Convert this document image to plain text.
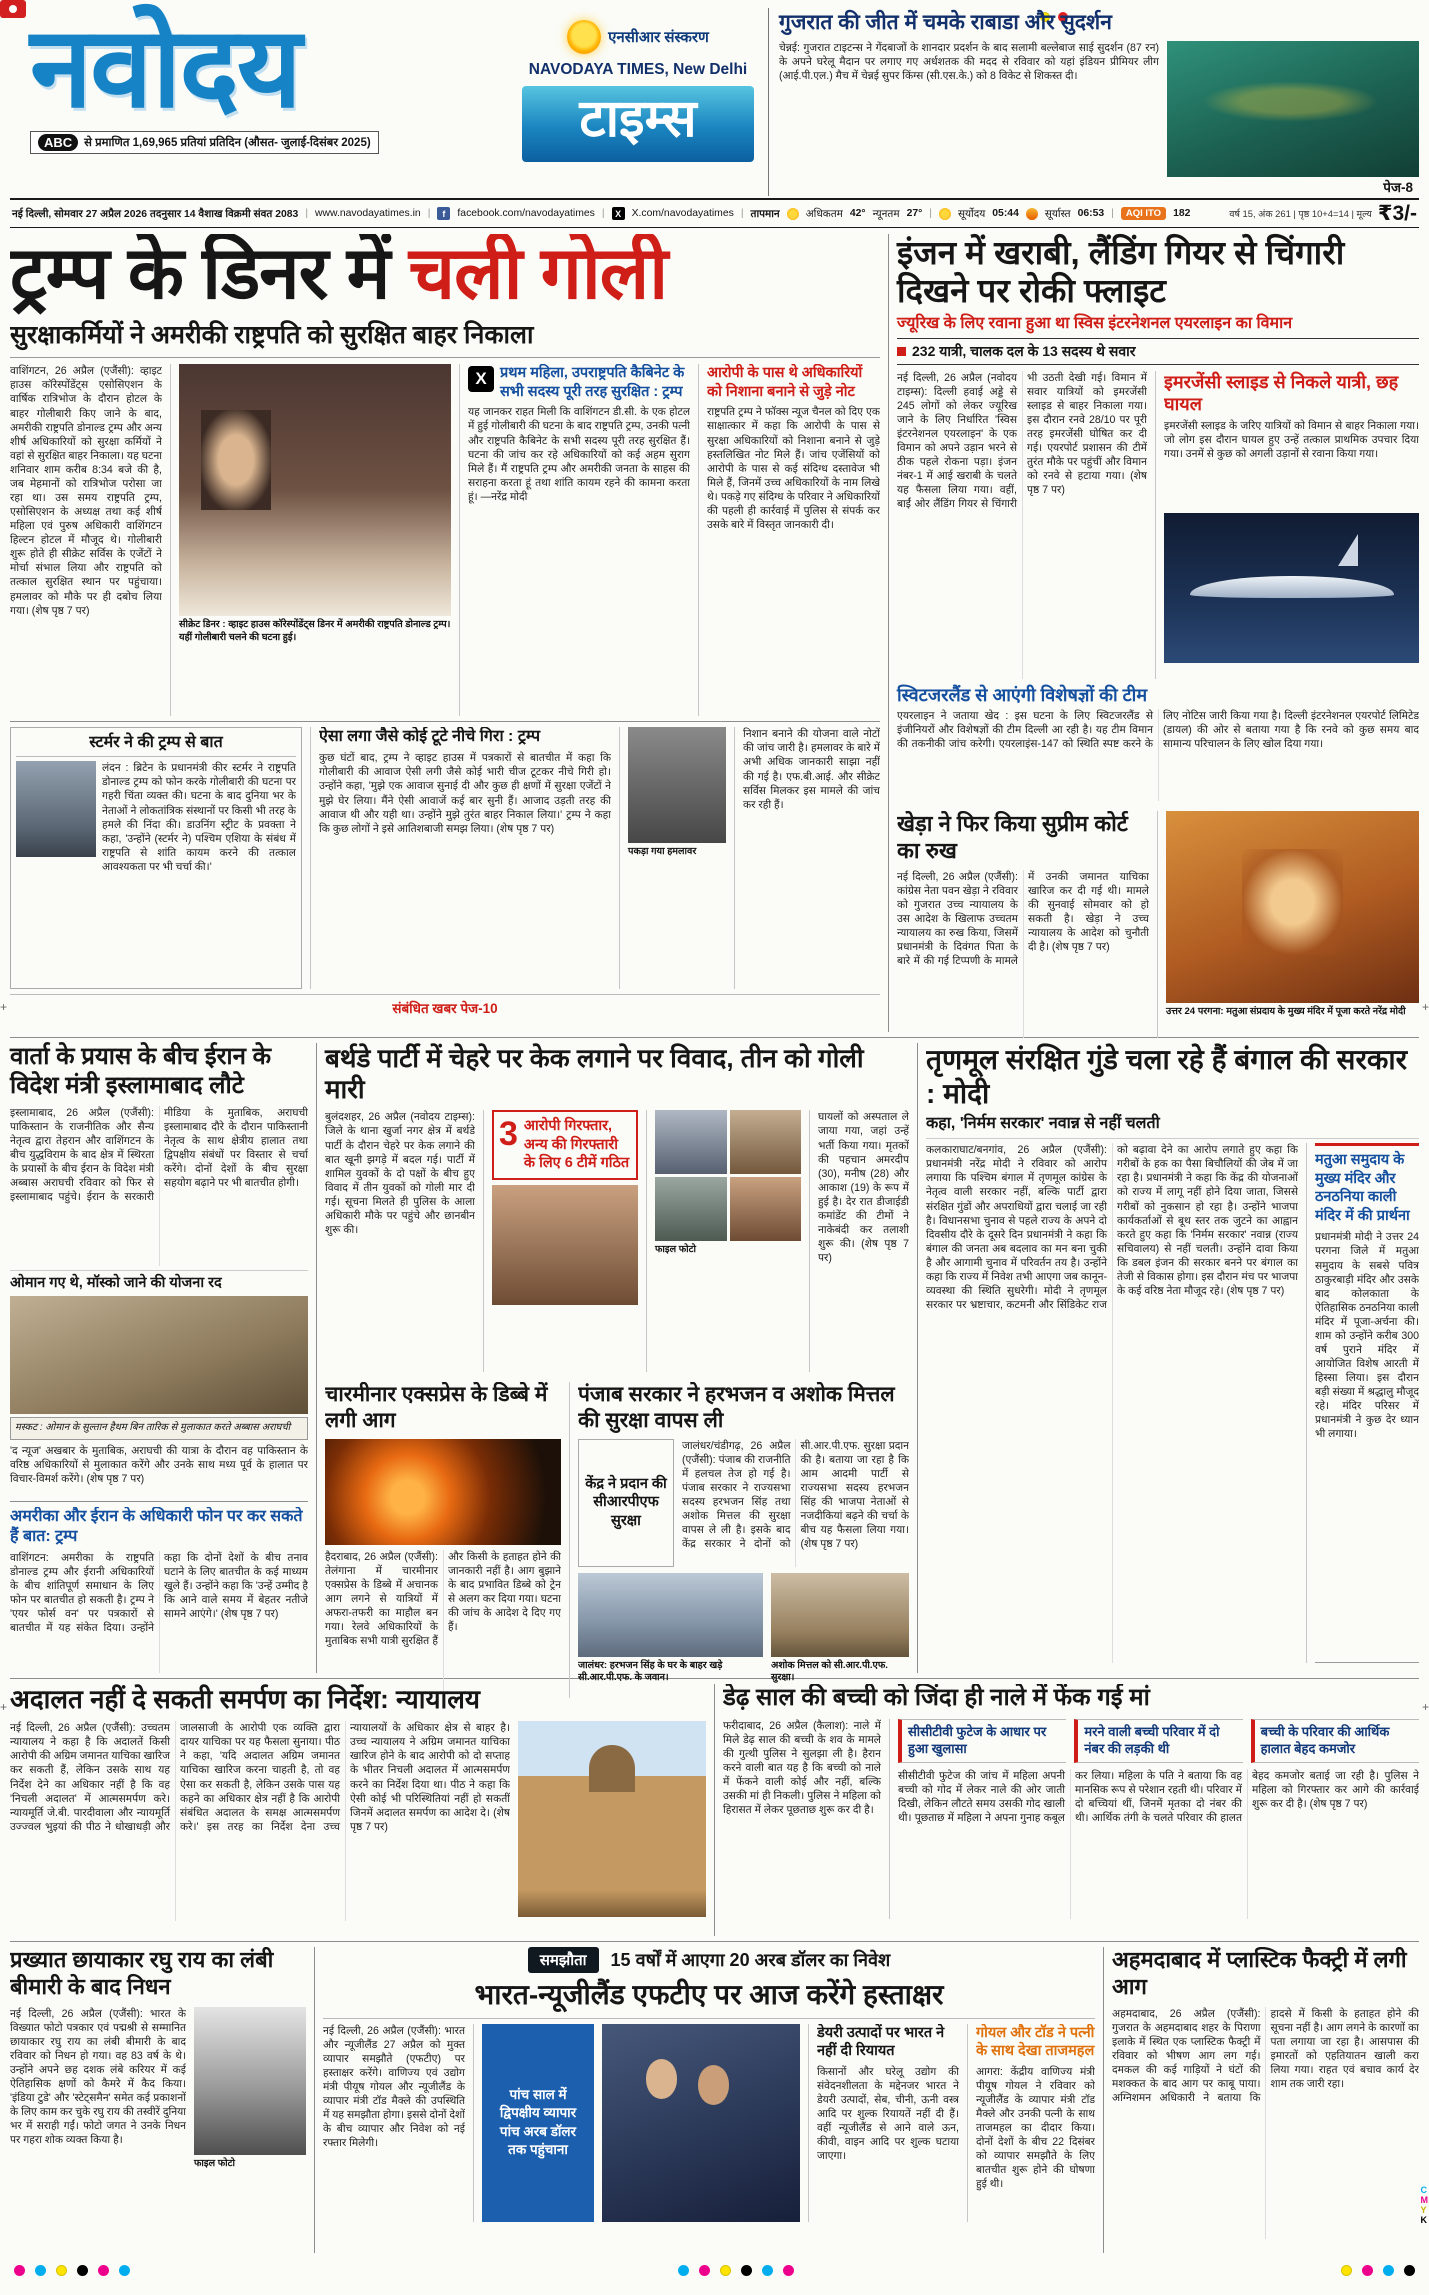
+	+
+	+
नवोदय
ABC	से प्रमाणित 1,69,965 प्रतियां प्रतिदिन (औसत- जुलाई-दिसंबर 2025)
एनसीआर संस्करण
NAVODAYA TIMES, New Delhi
टाइम्स
गुजरात की जीत में चमके राबाडा और सुदर्शन
चेन्नई: गुजरात टाइटन्स ने गेंदबाजों के शानदार प्रदर्शन के बाद सलामी बल्लेबाज साई सुदर्शन (87 रन) के अपने घरेलू मैदान पर लगाए गए अर्धशतक की मदद से रविवार को यहां इंडियन प्रीमियर लीग (आई.पी.एल.) मैच में चेन्नई सुपर किंग्स (सी.एस.के.) को 8 विकेट से शिकस्त दी।
पेज-8
नई दिल्ली, सोमवार 27 अप्रैल 2026 तदनुसार 14 वैशाख विक्रमी संवत 2083 | www.navodayatimes.in |	f	facebook.com/navodayatimes |	X	X.com/navodayatimes | तापमान	अधिकतम 42° न्यूनतम 27° |	सूर्योदय 05:44	सूर्यास्त 06:53 |	AQI ITO	182	वर्ष 15, अंक 261 | पृष्ठ 10+4=14 | मूल्य ₹3/-
ट्रम्प के डिनर में चली गोली
सुरक्षाकर्मियों ने अमरीकी राष्ट्रपति को सुरक्षित बाहर निकाला
वाशिंगटन, 26 अप्रैल (एजैंसी): व्हाइट हाउस कॉरेस्पोंडेंट्स एसोसिएशन के वार्षिक रात्रिभोज के दौरान होटल के बाहर गोलीबारी किए जाने के बाद, अमरीकी राष्ट्रपति डोनाल्ड ट्रम्प और अन्य शीर्ष अधिकारियों को सुरक्षा कर्मियों ने वहां से सुरक्षित बाहर निकाला। यह घटना शनिवार शाम करीब 8:34 बजे की है, जब मेहमानों को रात्रिभोज परोसा जा रहा था। उस समय राष्ट्रपति ट्रम्प, एसोसिएशन के अध्यक्ष तथा कई शीर्ष महिला एवं पुरुष अधिकारी वाशिंगटन हिल्टन होटल में मौजूद थे। गोलीबारी शुरू होते ही सीक्रेट सर्विस के एजेंटों ने मोर्चा संभाल लिया और राष्ट्रपति को तत्काल सुरक्षित स्थान पर पहुंचाया। हमलावर को मौके पर ही दबोच लिया गया। (शेष पृष्ठ 7 पर)
सीक्रेट डिनर : व्हाइट हाउस कॉरेस्पोंडेंट्स डिनर में अमरीकी राष्ट्रपति डोनाल्ड ट्रम्प। यहीं गोलीबारी चलने की घटना हुई।
X प्रथम महिला, उपराष्ट्रपति कैबिनेट के सभी सदस्य पूरी तरह सुरक्षित : ट्रम्प
यह जानकर राहत मिली कि वाशिंगटन डी.सी. के एक होटल में हुई गोलीबारी की घटना के बाद राष्ट्रपति ट्रम्प, उनकी पत्नी और राष्ट्रपति कैबिनेट के सभी सदस्य पूरी तरह सुरक्षित हैं। घटना की जांच कर रहे अधिकारियों को कई अहम सुराग मिले हैं। मैं राष्ट्रपति ट्रम्प और अमरीकी जनता के साहस की सराहना करता हूं तथा शांति कायम रहने की कामना करता हूं। —नरेंद्र मोदी
आरोपी के पास थे अधिकारियों को निशाना बनाने से जुड़े नोट
राष्ट्रपति ट्रम्प ने फॉक्स न्यूज चैनल को दिए एक साक्षात्कार में कहा कि आरोपी के पास से सुरक्षा अधिकारियों को निशाना बनाने से जुड़े हस्तलिखित नोट मिले हैं। जांच एजेंसियों को आरोपी के पास से कई संदिग्ध दस्तावेज भी मिले हैं, जिनमें उच्च अधिकारियों के नाम लिखे थे। पकड़े गए संदिग्ध के परिवार ने अधिकारियों की पहली ही कार्रवाई में पुलिस से संपर्क कर उसके बारे में विस्तृत जानकारी दी।
स्टर्मर ने की ट्रम्प से बात
लंदन : ब्रिटेन के प्रधानमंत्री कीर स्टर्मर ने राष्ट्रपति डोनाल्ड ट्रम्प को फोन करके गोलीबारी की घटना पर गहरी चिंता व्यक्त की। घटना के बाद दुनिया भर के नेताओं ने लोकतांत्रिक संस्थानों पर किसी भी तरह के हमले की निंदा की। डाउनिंग स्ट्रीट के प्रवक्ता ने कहा, 'उन्होंने (स्टर्मर ने) पश्चिम एशिया के संबंध में राष्ट्रपति से शांति कायम करने की तत्काल आवश्यकता पर भी चर्चा की।'
ऐसा लगा जैसे कोई टूटे नीचे गिरा : ट्रम्प
कुछ घंटों बाद, ट्रम्प ने व्हाइट हाउस में पत्रकारों से बातचीत में कहा कि गोलीबारी की आवाज ऐसी लगी जैसे कोई भारी चीज टूटकर नीचे गिरी हो। उन्होंने कहा, 'मुझे एक आवाज सुनाई दी और कुछ ही क्षणों में सुरक्षा एजेंटों ने मुझे घेर लिया। मैंने ऐसी आवाजें कई बार सुनी हैं। आजाद उड़ती तरह की आवाज थी और यही था। उन्होंने मुझे तुरंत बाहर निकाल लिया।' ट्रम्प ने कहा कि कुछ लोगों ने इसे आतिशबाजी समझ लिया। (शेष पृष्ठ 7 पर)
पकड़ा गया हमलावर
निशान बनाने की योजना वाले नोटों की जांच जारी है। हमलावर के बारे में अभी अधिक जानकारी साझा नहीं की गई है। एफ.बी.आई. और सीक्रेट सर्विस मिलकर इस मामले की जांच कर रही हैं।
संबंधित खबर पेज-10
इंजन में खराबी, लैंडिंग गियर से चिंगारी दिखने पर रोकी फ्लाइट
ज्यूरिख के लिए रवाना हुआ था स्विस इंटरनेशनल एयरलाइन का विमान
232 यात्री, चालक दल के 13 सदस्य थे सवार
नई दिल्ली, 26 अप्रैल (नवोदय टाइम्स): दिल्ली हवाई अड्डे से 245 लोगों को लेकर ज्यूरिख जाने के लिए निर्धारित 'स्विस इंटरनेशनल एयरलाइन' के एक विमान को अपने उड़ान भरने से ठीक पहले रोकना पड़ा। इंजन नंबर-1 में आई खराबी के चलते यह फैसला लिया गया। वहीं, बाईं ओर लैंडिंग गियर से चिंगारी भी उठती देखी गई। विमान में सवार यात्रियों को इमरजेंसी स्लाइड से बाहर निकाला गया। इस दौरान रनवे 28/10 पर पूरी तरह इमरजेंसी घोषित कर दी गई। एयरपोर्ट प्रशासन की टीमें तुरंत मौके पर पहुंचीं और विमान को रनवे से हटाया गया। (शेष पृष्ठ 7 पर)
इमरजेंसी स्लाइड से निकले यात्री, छह घायल
इमरजेंसी स्लाइड के जरिए यात्रियों को विमान से बाहर निकाला गया। जो लोग इस दौरान घायल हुए उन्हें तत्काल प्राथमिक उपचार दिया गया। उनमें से कुछ को अगली उड़ानों से रवाना किया गया।
स्विटजरलैंड से आएंगी विशेषज्ञों की टीम
एयरलाइन ने जताया खेद : इस घटना के लिए स्विटजरलैंड से इंजीनियरों और विशेषज्ञों की टीम दिल्ली आ रही है। यह टीम विमान की तकनीकी जांच करेगी। एयरलाइंस-147 को स्थिति स्पष्ट करने के लिए नोटिस जारी किया गया है। दिल्ली इंटरनेशनल एयरपोर्ट लिमिटेड (डायल) की ओर से बताया गया है कि रनवे को कुछ समय बाद सामान्य परिचालन के लिए खोल दिया गया।
खेड़ा ने फिर किया सुप्रीम कोर्ट का रुख
नई दिल्ली, 26 अप्रैल (एजैंसी): कांग्रेस नेता पवन खेड़ा ने रविवार को गुजरात उच्च न्यायालय के उस आदेश के खिलाफ उच्चतम न्यायालय का रुख किया, जिसमें प्रधानमंत्री के दिवंगत पिता के बारे में की गई टिप्पणी के मामले में उनकी जमानत याचिका खारिज कर दी गई थी। मामले की सुनवाई सोमवार को हो सकती है। खेड़ा ने उच्च न्यायालय के आदेश को चुनौती दी है। (शेष पृष्ठ 7 पर)
उत्तर 24 परगना: मतुआ संप्रदाय के मुख्य मंदिर में पूजा करते नरेंद्र मोदी
वार्ता के प्रयास के बीच ईरान के विदेश मंत्री इस्लामाबाद लौटे
इस्लामाबाद, 26 अप्रैल (एजैंसी): पाकिस्तान के राजनीतिक और सैन्य नेतृत्व द्वारा तेहरान और वाशिंगटन के बीच युद्धविराम के बाद क्षेत्र में स्थिरता के प्रयासों के बीच ईरान के विदेश मंत्री अब्बास अराघची रविवार को फिर से इस्लामाबाद पहुंचे। ईरान के सरकारी मीडिया के मुताबिक, अराघची इस्लामाबाद दौरे के दौरान पाकिस्तानी नेतृत्व के साथ क्षेत्रीय हालात तथा द्विपक्षीय संबंधों पर विस्तार से चर्चा करेंगे। दोनों देशों के बीच सुरक्षा सहयोग बढ़ाने पर भी बातचीत होगी।
ओमान गए थे, मॉस्को जाने की योजना रद
मस्कट : ओमान के सुल्तान हैथम बिन तारिक से मुलाकात करते अब्बास अराघची
'द न्यूज' अखबार के मुताबिक, अराघची की यात्रा के दौरान वह पाकिस्तान के वरिष्ठ अधिकारियों से मुलाकात करेंगे और उनके साथ मध्य पूर्व के हालात पर विचार-विमर्श करेंगे। (शेष पृष्ठ 7 पर)
अमरीका और ईरान के अधिकारी फोन पर कर सकते हैं बात: ट्रम्प
वाशिंगटन: अमरीका के राष्ट्रपति डोनाल्ड ट्रम्प और ईरानी अधिकारियों के बीच शांतिपूर्ण समाधान के लिए फोन पर बातचीत हो सकती है। ट्रम्प ने 'एयर फोर्स वन' पर पत्रकारों से बातचीत में यह संकेत दिया। उन्होंने कहा कि दोनों देशों के बीच तनाव घटाने के लिए बातचीत के कई माध्यम खुले हैं। उन्होंने कहा कि 'उन्हें उम्मीद है कि आने वाले समय में बेहतर नतीजे सामने आएंगे।' (शेष पृष्ठ 7 पर)
बर्थडे पार्टी में चेहरे पर केक लगाने पर विवाद, तीन को गोली मारी
बुलंदशहर, 26 अप्रैल (नवोदय टाइम्स): जिले के थाना खुर्जा नगर क्षेत्र में बर्थडे पार्टी के दौरान चेहरे पर केक लगाने की बात खूनी झगड़े में बदल गई। पार्टी में शामिल युवकों के दो पक्षों के बीच हुए विवाद में तीन युवकों को गोली मार दी गई। सूचना मिलते ही पुलिस के आला अधिकारी मौके पर पहुंचे और छानबीन शुरू की।
3 आरोपी गिरफ्तार, अन्य की गिरफ्तारी के लिए 6 टीमें गठित
फाइल फोटो
घायलों को अस्पताल ले जाया गया, जहां उन्हें भर्ती किया गया। मृतकों की पहचान अमरदीप (30), मनीष (28) और आकाश (19) के रूप में हुई है। देर रात डीजाईडी कमांडेंट की टीमों ने नाकेबंदी कर तलाशी शुरू की। (शेष पृष्ठ 7 पर)
चारमीनार एक्सप्रेस के डिब्बे में लगी आग
हैदराबाद, 26 अप्रैल (एजैंसी): तेलंगाना में चारमीनार एक्सप्रेस के डिब्बे में अचानक आग लगने से यात्रियों में अफरा-तफरी का माहौल बन गया। रेलवे अधिकारियों के मुताबिक सभी यात्री सुरक्षित हैं और किसी के हताहत होने की जानकारी नहीं है। आग बुझाने के बाद प्रभावित डिब्बे को ट्रेन से अलग कर दिया गया। घटना की जांच के आदेश दे दिए गए हैं।
पंजाब सरकार ने हरभजन व अशोक मित्तल की सुरक्षा वापस ली
केंद्र ने प्रदान की सीआरपीएफ सुरक्षा
जालंधर/चंडीगढ़, 26 अप्रैल (एजैंसी): पंजाब की राजनीति में हलचल तेज हो गई है। पंजाब सरकार ने राज्यसभा सदस्य हरभजन सिंह तथा अशोक मित्तल की सुरक्षा वापस ले ली है। इसके बाद केंद्र सरकार ने दोनों को सी.आर.पी.एफ. सुरक्षा प्रदान की है। बताया जा रहा है कि आम आदमी पार्टी से राज्यसभा सदस्य हरभजन सिंह की भाजपा नेताओं से नजदीकियां बढ़ने की चर्चा के बीच यह फैसला लिया गया। (शेष पृष्ठ 7 पर)
जालंधर: हरभजन सिंह के घर के बाहर खड़े सी.आर.पी.एफ. के जवान।
अशोक मित्तल को सी.आर.पी.एफ. सुरक्षा।
तृणमूल संरक्षित गुंडे चला रहे हैं बंगाल की सरकार : मोदी
कहा, 'निर्मम सरकार' नवान्न से नहीं चलती
कलकाराघाट/बनगांव, 26 अप्रैल (एजैंसी): प्रधानमंत्री नरेंद्र मोदी ने रविवार को आरोप लगाया कि पश्चिम बंगाल में तृणमूल कांग्रेस के नेतृत्व वाली सरकार नहीं, बल्कि पार्टी द्वारा संरक्षित गुंडों और अपराधियों द्वारा चलाई जा रही है। विधानसभा चुनाव से पहले राज्य के अपने दो दिवसीय दौरे के दूसरे दिन प्रधानमंत्री ने कहा कि बंगाल की जनता अब बदलाव का मन बना चुकी है और आगामी चुनाव में परिवर्तन तय है। उन्होंने कहा कि राज्य में निवेश तभी आएगा जब कानून-व्यवस्था की स्थिति सुधरेगी। मोदी ने तृणमूल सरकार पर भ्रष्टाचार, कटमनी और सिंडिकेट राज को बढ़ावा देने का आरोप लगाते हुए कहा कि गरीबों के हक का पैसा बिचौलियों की जेब में जा रहा है। प्रधानमंत्री ने कहा कि केंद्र की योजनाओं को राज्य में लागू नहीं होने दिया जाता, जिससे गरीबों को नुकसान हो रहा है। उन्होंने भाजपा कार्यकर्ताओं से बूथ स्तर तक जुटने का आह्वान करते हुए कहा कि 'निर्मम सरकार' नवान्न (राज्य सचिवालय) से नहीं चलती। उन्होंने दावा किया कि डबल इंजन की सरकार बनने पर बंगाल का तेजी से विकास होगा। इस दौरान मंच पर भाजपा के कई वरिष्ठ नेता मौजूद रहे। (शेष पृष्ठ 7 पर)
मतुआ समुदाय के मुख्य मंदिर और ठनठनिया काली मंदिर में की प्रार्थना
प्रधानमंत्री मोदी ने उत्तर 24 परगना जिले में मतुआ समुदाय के सबसे पवित्र ठाकुरबाड़ी मंदिर और उसके बाद कोलकाता के ऐतिहासिक ठनठनिया काली मंदिर में पूजा-अर्चना की। शाम को उन्होंने करीब 300 वर्ष पुराने मंदिर में आयोजित विशेष आरती में हिस्सा लिया। इस दौरान बड़ी संख्या में श्रद्धालु मौजूद रहे। मंदिर परिसर में प्रधानमंत्री ने कुछ देर ध्यान भी लगाया।
अदालत नहीं दे सकती समर्पण का निर्देश: न्यायालय
नई दिल्ली, 26 अप्रैल (एजैंसी): उच्चतम न्यायालय ने कहा है कि अदालतें किसी आरोपी की अग्रिम जमानत याचिका खारिज कर सकती हैं, लेकिन उसके साथ यह निर्देश देने का अधिकार नहीं है कि वह 'निचली अदालत' में आत्मसमर्पण करे। न्यायमूर्ति जे.बी. पारदीवाला और न्यायमूर्ति उज्ज्वल भुइयां की पीठ ने धोखाधड़ी और जालसाजी के आरोपी एक व्यक्ति द्वारा दायर याचिका पर यह फैसला सुनाया। पीठ ने कहा, 'यदि अदालत अग्रिम जमानत याचिका खारिज करना चाहती है, तो वह ऐसा कर सकती है, लेकिन उसके पास यह कहने का अधिकार क्षेत्र नहीं है कि आरोपी संबंधित अदालत के समक्ष आत्मसमर्पण करे।' इस तरह का निर्देश देना उच्च न्यायालयों के अधिकार क्षेत्र से बाहर है। उच्च न्यायालय ने अग्रिम जमानत याचिका खारिज होने के बाद आरोपी को दो सप्ताह के भीतर निचली अदालत में आत्मसमर्पण करने का निर्देश दिया था। पीठ ने कहा कि ऐसी कोई भी परिस्थितियां नहीं हो सकतीं जिनमें अदालत समर्पण का आदेश दे। (शेष पृष्ठ 7 पर)
डेढ़ साल की बच्ची को जिंदा ही नाले में फेंक गई मां
फरीदाबाद, 26 अप्रैल (कैलाश): नाले में मिले डेढ़ साल की बच्ची के शव के मामले की गुत्थी पुलिस ने सुलझा ली है। हैरान करने वाली बात यह है कि बच्ची को नाले में फेंकने वाली कोई और नहीं, बल्कि उसकी मां ही निकली। पुलिस ने महिला को हिरासत में लेकर पूछताछ शुरू कर दी है।
सीसीटीवी फुटेज के आधार पर हुआ खुलासा
मरने वाली बच्ची परिवार में दो नंबर की लड़की थी
बच्ची के परिवार की आर्थिक हालात बेहद कमजोर
सीसीटीवी फुटेज की जांच में महिला अपनी बच्ची को गोद में लेकर नाले की ओर जाती दिखी, लेकिन लौटते समय उसकी गोद खाली थी। पूछताछ में महिला ने अपना गुनाह कबूल कर लिया। महिला के पति ने बताया कि वह मानसिक रूप से परेशान रहती थी। परिवार में दो बच्चियां थीं, जिनमें मृतका दो नंबर की थी। आर्थिक तंगी के चलते परिवार की हालत बेहद कमजोर बताई जा रही है। पुलिस ने महिला को गिरफ्तार कर आगे की कार्रवाई शुरू कर दी है। (शेष पृष्ठ 7 पर)
प्रख्यात छायाकार रघु राय का लंबी बीमारी के बाद निधन
नई दिल्ली, 26 अप्रैल (एजैंसी): भारत के विख्यात फोटो पत्रकार एवं पद्मश्री से सम्मानित छायाकार रघु राय का लंबी बीमारी के बाद रविवार को निधन हो गया। वह 83 वर्ष के थे। उन्होंने अपने छह दशक लंबे करियर में कई ऐतिहासिक क्षणों को कैमरे में कैद किया। 'इंडिया टुडे' और 'स्टेट्समैन' समेत कई प्रकाशनों के लिए काम कर चुके रघु राय की तस्वीरें दुनिया भर में सराही गईं। फोटो जगत ने उनके निधन पर गहरा शोक व्यक्त किया है।
फाइल फोटो
समझौता	15 वर्षों में आएगा 20 अरब डॉलर का निवेश
भारत-न्यूजीलैंड एफटीए पर आज करेंगे हस्ताक्षर
नई दिल्ली, 26 अप्रैल (एजैंसी): भारत और न्यूजीलैंड 27 अप्रैल को मुक्त व्यापार समझौते (एफटीए) पर हस्ताक्षर करेंगे। वाणिज्य एवं उद्योग मंत्री पीयूष गोयल और न्यूजीलैंड के व्यापार मंत्री टॉड मैक्ले की उपस्थिति में यह समझौता होगा। इससे दोनों देशों के बीच व्यापार और निवेश को नई रफ्तार मिलेगी।
पांच साल में द्विपक्षीय व्यापार पांच अरब डॉलर तक पहुंचाना
डेयरी उत्पादों पर भारत ने नहीं दी रियायत
किसानों और घरेलू उद्योग की संवेदनशीलता के मद्देनजर भारत ने डेयरी उत्पादों, सेब, चीनी, ऊनी वस्त्र आदि पर शुल्क रियायतें नहीं दी हैं। वहीं न्यूजीलैंड से आने वाले ऊन, कीवी, वाइन आदि पर शुल्क घटाया जाएगा।
गोयल और टॉड ने पत्नी के साथ देखा ताजमहल
आगरा: केंद्रीय वाणिज्य मंत्री पीयूष गोयल ने रविवार को न्यूजीलैंड के व्यापार मंत्री टॉड मैक्ले और उनकी पत्नी के साथ ताजमहल का दीदार किया। दोनों देशों के बीच 22 दिसंबर को व्यापार समझौते के लिए बातचीत शुरू होने की घोषणा हुई थी।
अहमदाबाद में प्लास्टिक फैक्ट्री में लगी आग
अहमदाबाद, 26 अप्रैल (एजैंसी): गुजरात के अहमदाबाद शहर के पिराणा इलाके में स्थित एक प्लास्टिक फैक्ट्री में रविवार को भीषण आग लग गई। दमकल की कई गाड़ियों ने घंटों की मशक्कत के बाद आग पर काबू पाया। अग्निशमन अधिकारी ने बताया कि हादसे में किसी के हताहत होने की सूचना नहीं है। आग लगने के कारणों का पता लगाया जा रहा है। आसपास की इमारतों को एहतियातन खाली करा लिया गया। राहत एवं बचाव कार्य देर शाम तक जारी रहा।
C
M
Y
K
